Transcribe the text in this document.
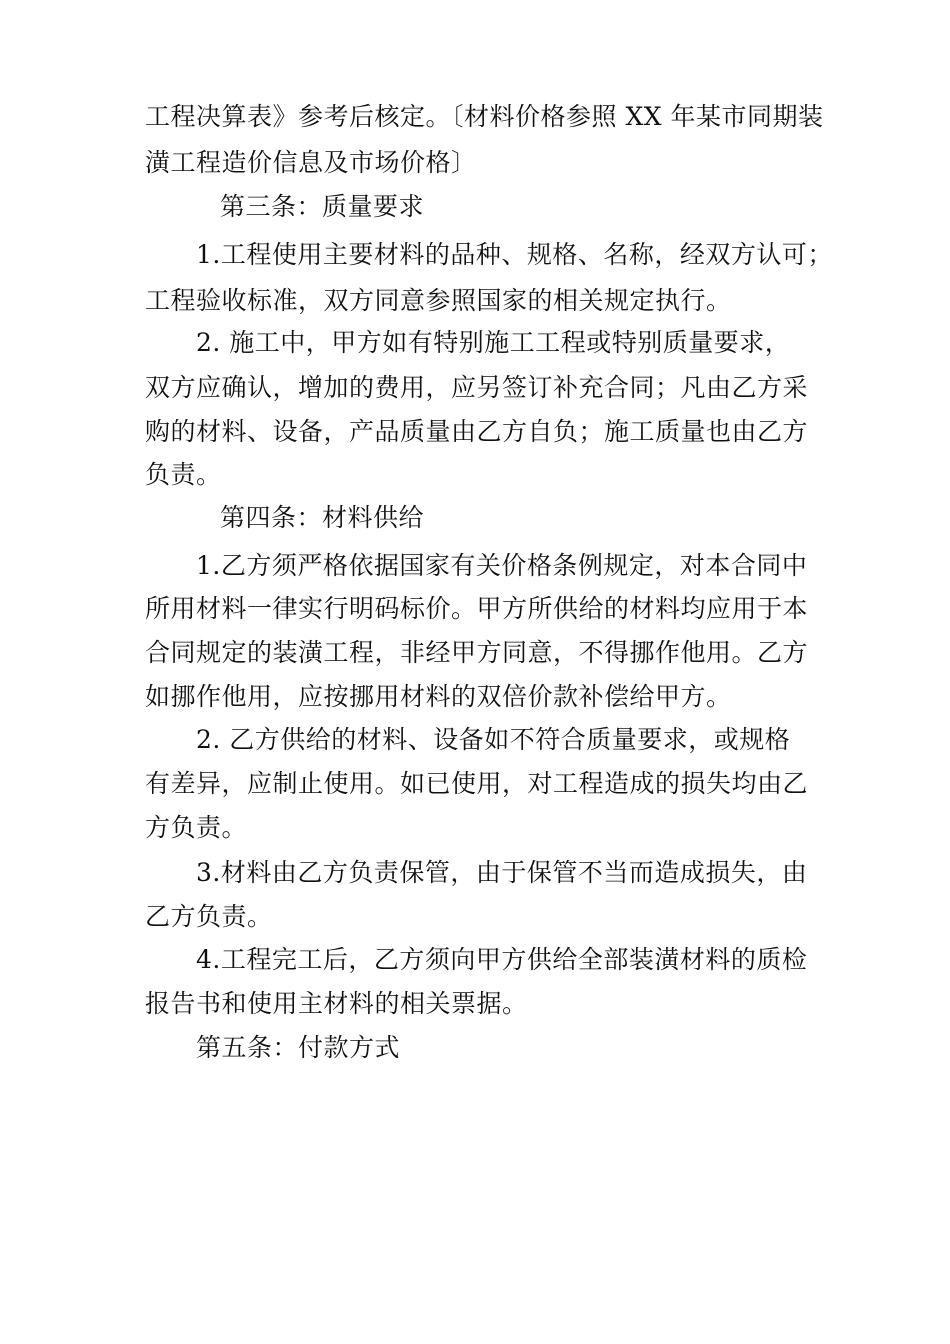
工程决算表》参考后核定。〔材料价格参照 XX 年某市同期装
潢工程造价信息及市场价格〕
第三条：质量要求
1.工程使用主要材料的品种、规格、名称，经双方认可；
工程验收标准，双方同意参照国家的相关规定执行。
2. 施工中，甲方如有特别施工工程或特别质量要求，
双方应确认，增加的费用，应另签订补充合同；凡由乙方采
购的材料、设备，产品质量由乙方自负；施工质量也由乙方
负责。
第四条：材料供给
1.乙方须严格依据国家有关价格条例规定，对本合同中
所用材料一律实行明码标价。甲方所供给的材料均应用于本
合同规定的装潢工程，非经甲方同意，不得挪作他用。乙方
如挪作他用，应按挪用材料的双倍价款补偿给甲方。
2. 乙方供给的材料、设备如不符合质量要求，或规格
有差异，应制止使用。如已使用，对工程造成的损失均由乙
方负责。
3.材料由乙方负责保管，由于保管不当而造成损失，由
乙方负责。
4.工程完工后，乙方须向甲方供给全部装潢材料的质检
报告书和使用主材料的相关票据。
第五条：付款方式
